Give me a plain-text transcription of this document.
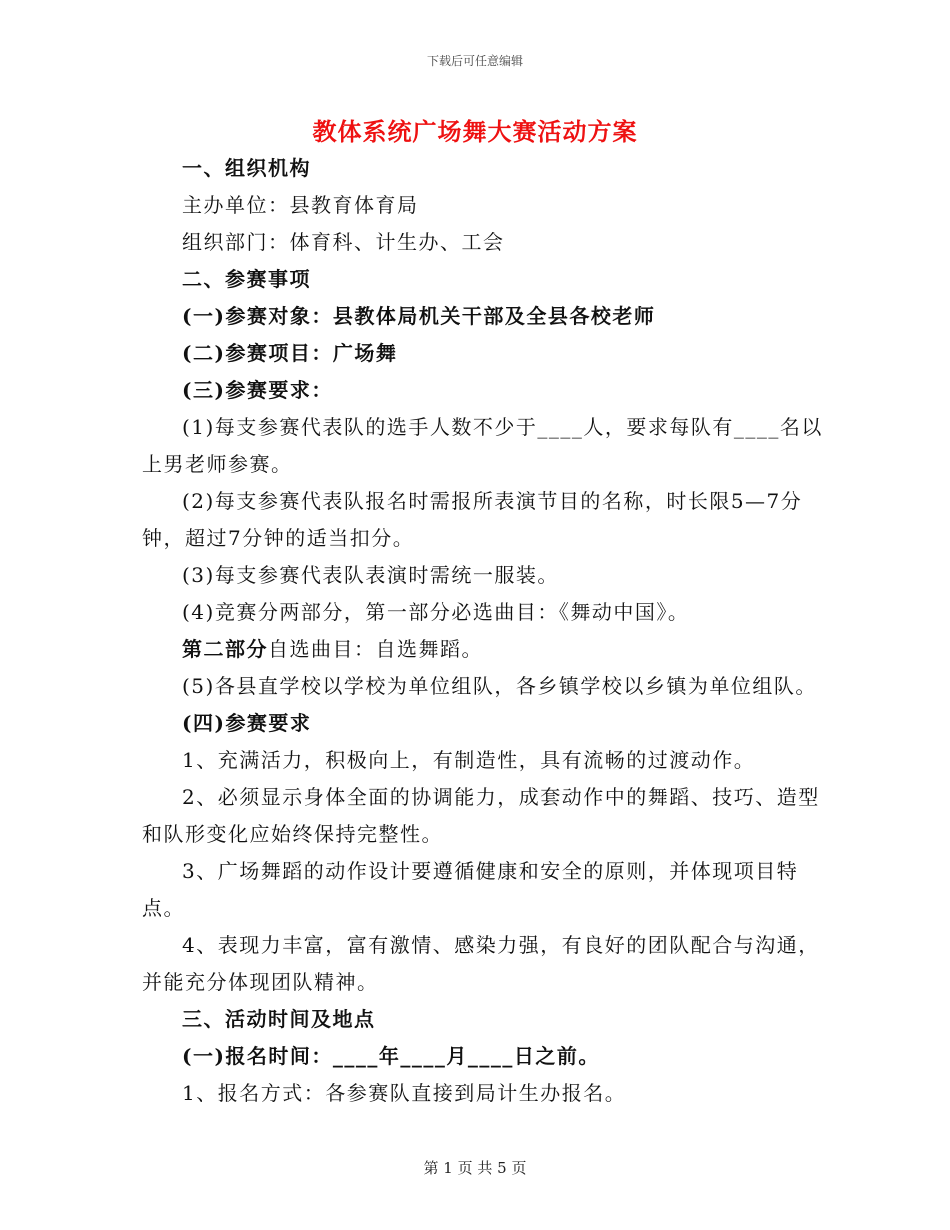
下载后可任意编辑
教体系统广场舞大赛活动方案

一、组织机构

主办单位：县教育体育局

组织部门：体育科、计生办、工会

二、参赛事项

(一)参赛对象：县教体局机关干部及全县各校老师

(二)参赛项目：广场舞

(三)参赛要求：

(1)每支参赛代表队的选手人数不少于____人，要求每队有____名以上男老师参赛。

(2)每支参赛代表队报名时需报所表演节目的名称，时长限5—7分钟，超过7分钟的适当扣分。

(3)每支参赛代表队表演时需统一服装。

(4)竞赛分两部分，第一部分必选曲目：《舞动中国》。

第二部分自选曲目：自选舞蹈。

(5)各县直学校以学校为单位组队，各乡镇学校以乡镇为单位组队。

(四)参赛要求

1、充满活力，积极向上，有制造性，具有流畅的过渡动作。

2、必须显示身体全面的协调能力，成套动作中的舞蹈、技巧、造型和队形变化应始终保持完整性。

3、广场舞蹈的动作设计要遵循健康和安全的原则，并体现项目特点。

4、表现力丰富，富有激情、感染力强，有良好的团队配合与沟通，并能充分体现团队精神。

三、活动时间及地点

(一)报名时间：____年____月____日之前。

1、报名方式：各参赛队直接到局计生办报名。

第 1 页 共 5 页
